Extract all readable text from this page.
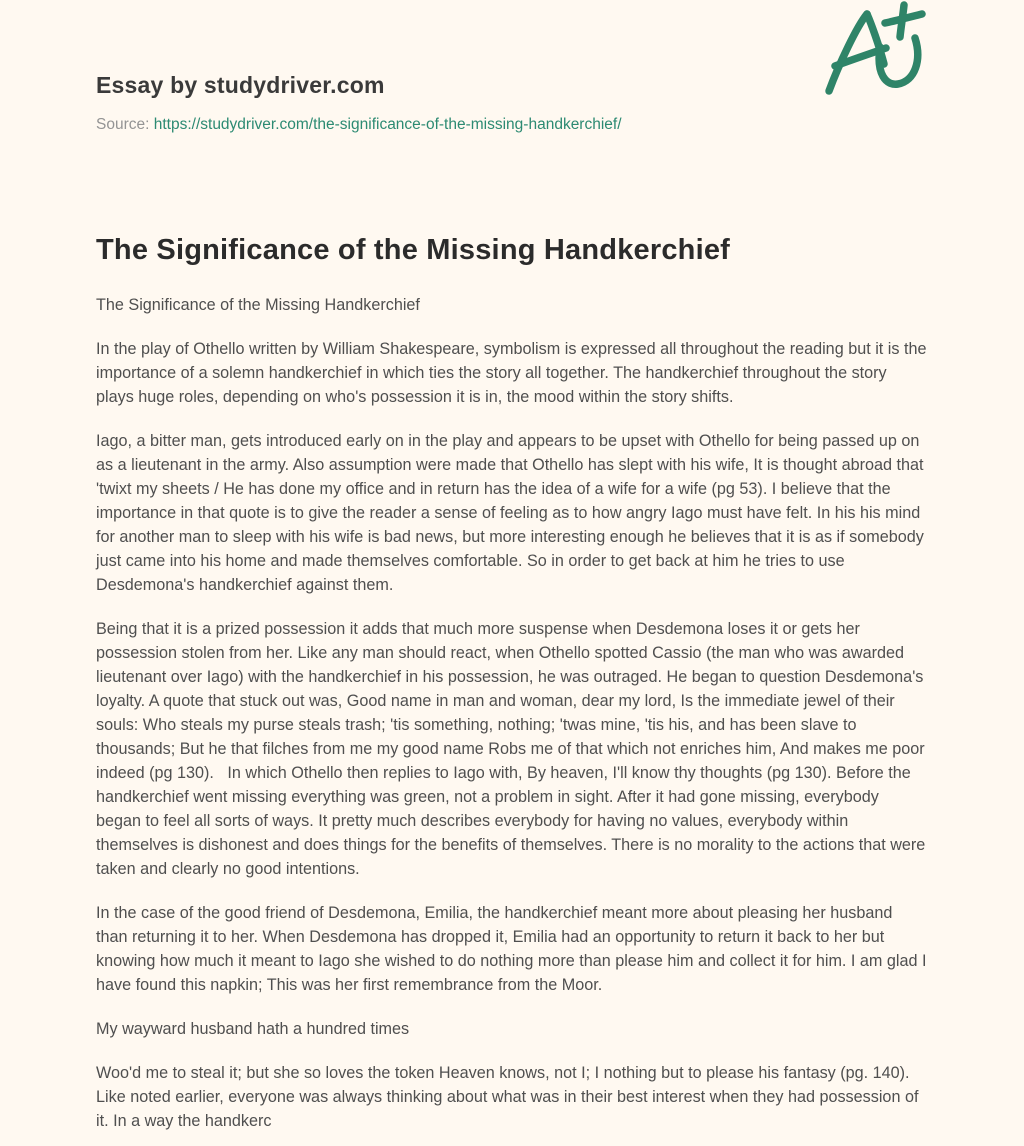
Essay by studydriver.com
Source: https://studydriver.com/the-significance-of-the-missing-handkerchief/
The Significance of the Missing Handkerchief

The Significance of the Missing Handkerchief

In the play of Othello written by William Shakespeare, symbolism is expressed all throughout the reading but it is the importance of a solemn handkerchief in which ties the story all together. The handkerchief throughout the story plays huge roles, depending on who's possession it is in, the mood within the story shifts.

Iago, a bitter man, gets introduced early on in the play and appears to be upset with Othello for being passed up on as a lieutenant in the army. Also assumption were made that Othello has slept with his wife, It is thought abroad that 'twixt my sheets / He has done my office and in return has the idea of a wife for a wife (pg 53). I believe that the importance in that quote is to give the reader a sense of feeling as to how angry Iago must have felt. In his his mind for another man to sleep with his wife is bad news, but more interesting enough he believes that it is as if somebody just came into his home and made themselves comfortable. So in order to get back at him he tries to use Desdemona's handkerchief against them.

Being that it is a prized possession it adds that much more suspense when Desdemona loses it or gets her possession stolen from her. Like any man should react, when Othello spotted Cassio (the man who was awarded lieutenant over Iago) with the handkerchief in his possession, he was outraged. He began to question Desdemona's loyalty. A quote that stuck out was, Good name in man and woman, dear my lord, Is the immediate jewel of their souls: Who steals my purse steals trash; 'tis something, nothing; 'twas mine, 'tis his, and has been slave to thousands; But he that filches from me my good name Robs me of that which not enriches him, And makes me poor indeed (pg 130).   In which Othello then replies to Iago with, By heaven, I'll know thy thoughts (pg 130). Before the handkerchief went missing everything was green, not a problem in sight. After it had gone missing, everybody began to feel all sorts of ways. It pretty much describes everybody for having no values, everybody within themselves is dishonest and does things for the benefits of themselves. There is no morality to the actions that were taken and clearly no good intentions.

In the case of the good friend of Desdemona, Emilia, the handkerchief meant more about pleasing her husband than returning it to her. When Desdemona has dropped it, Emilia had an opportunity to return it back to her but knowing how much it meant to Iago she wished to do nothing more than please him and collect it for him. I am glad I have found this napkin; This was her first remembrance from the Moor.

My wayward husband hath a hundred times

Woo'd me to steal it; but she so loves the token Heaven knows, not I; I nothing but to please his fantasy (pg. 140). Like noted earlier, everyone was always thinking about what was in their best interest when they had possession of it. In a way the handkerc
